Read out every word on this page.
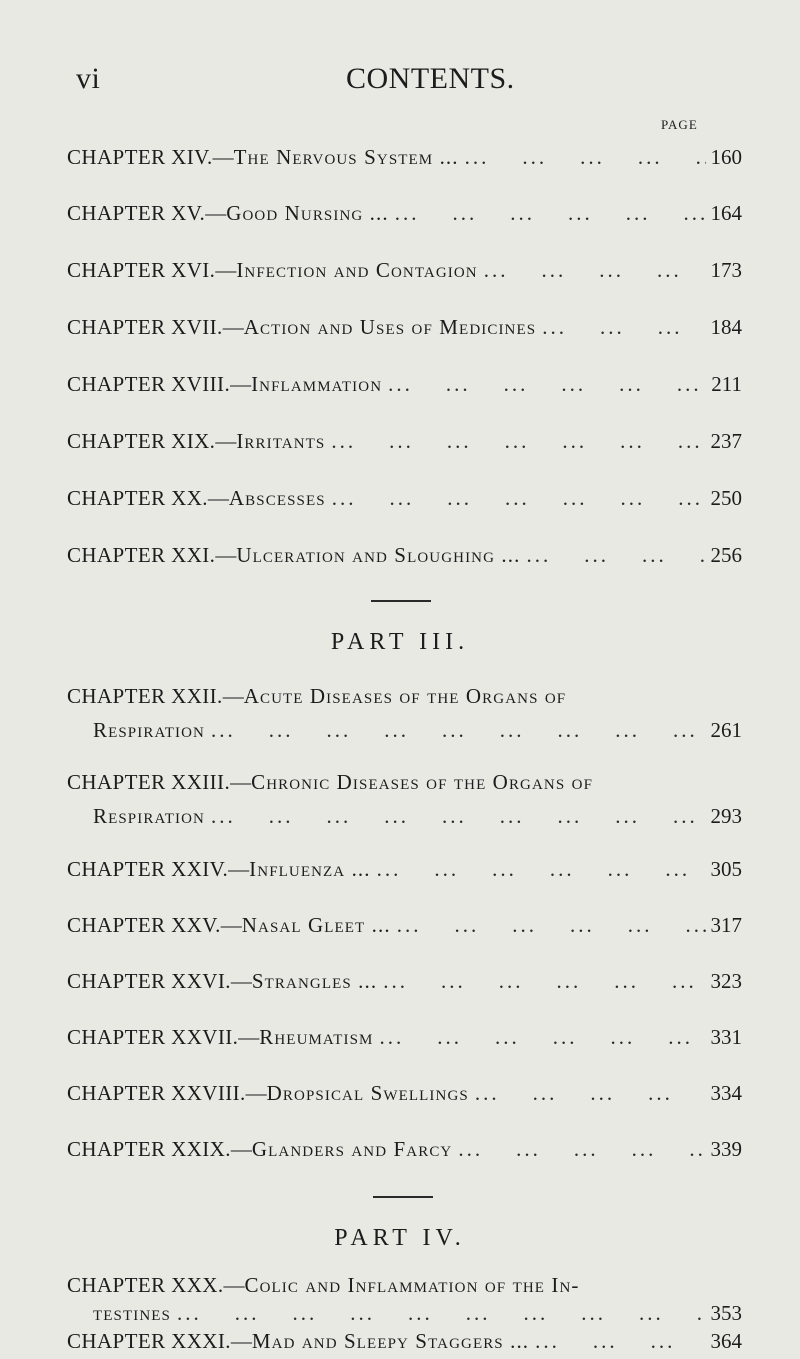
vi	CONTENTS.
PAGE
CHAPTER XIV. — The Nervous System ... ...	160
CHAPTER XV. — Good Nursing ... ...	164
CHAPTER XVI. — Infection and Contagion ...	173
CHAPTER XVII. — Action and Uses of Medicines ...	184
CHAPTER XVIII. — Inflammation ...	211
CHAPTER XIX. — Irritants ...	237
CHAPTER XX. — Abscesses ...	250
CHAPTER XXI. — Ulceration and Sloughing ... ...	256
PART III.
CHAPTER XXII. — Acute Diseases of the Organs of
Respiration ...	261
CHAPTER XXIII. — Chronic Diseases of the Organs of
Respiration ...	293
CHAPTER XXIV. — Influenza ... ...	305
CHAPTER XXV. — Nasal Gleet ... ...	317
CHAPTER XXVI. — Strangles ... ...	323
CHAPTER XXVII. — Rheumatism ...	331
CHAPTER XXVIII. — Dropsical Swellings ...	334
CHAPTER XXIX. — Glanders and Farcy ...	339
PART IV.
CHAPTER XXX. — Colic and Inflammation of the In-
testines ...	353
CHAPTER XXXI. — Mad and Sleepy Staggers ... ...	364
